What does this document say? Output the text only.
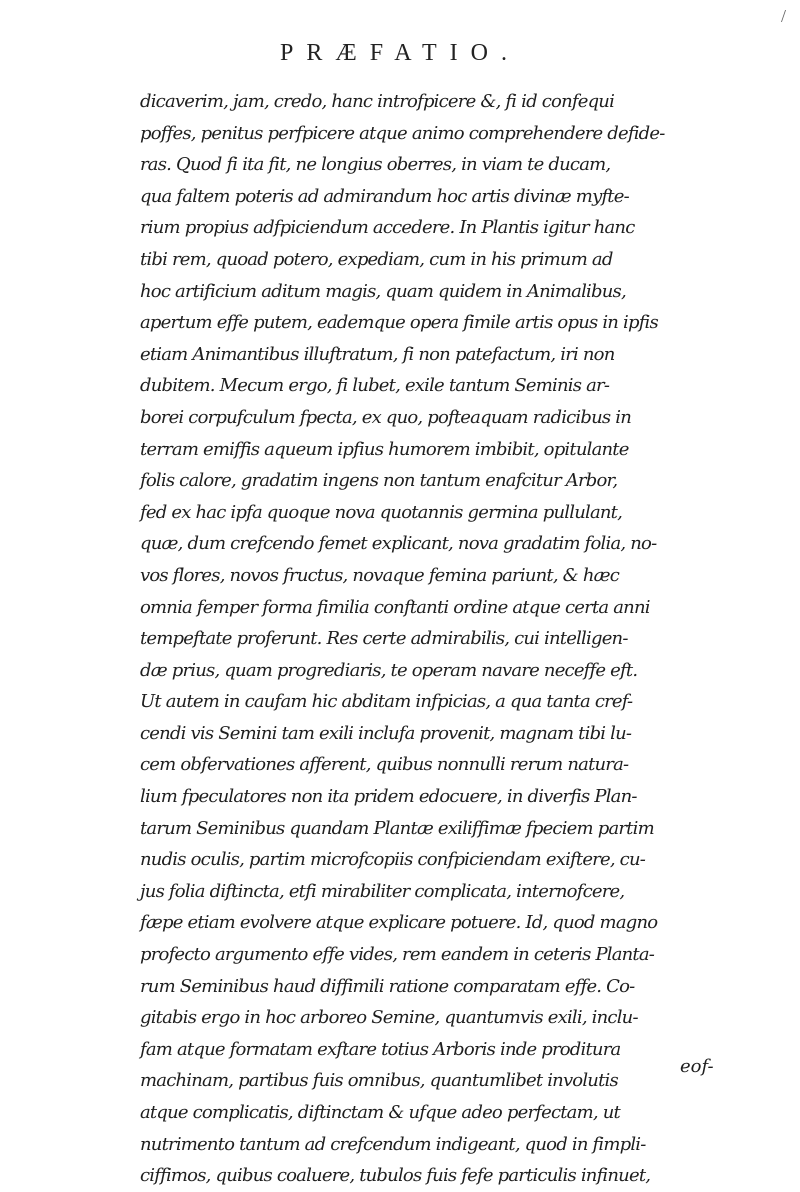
/
PRÆFATIO.
dicaverim, jam, credo, hanc introfpicere &, fi id confequi
poffes, penitus perfpicere atque animo comprehendere defide-
ras. Quod fi ita fit, ne longius oberres, in viam te ducam,
qua faltem poteris ad admirandum hoc artis divinæ myfte-
rium propius adfpiciendum accedere. In Plantis igitur hanc
tibi rem, quoad potero, expediam, cum in his primum ad
hoc artificium aditum magis, quam quidem in Animalibus,
apertum effe putem, eademque opera fimile artis opus in ipfis
etiam Animantibus illuftratum, fi non patefactum, iri non
dubitem. Mecum ergo, fi lubet, exile tantum Seminis ar-
borei corpufculum fpecta, ex quo, pofteaquam radicibus in
terram emiffis aqueum ipfius humorem imbibit, opitulante
folis calore, gradatim ingens non tantum enafcitur Arbor,
fed ex hac ipfa quoque nova quotannis germina pullulant,
quæ, dum crefcendo femet explicant, nova gradatim folia, no-
vos flores, novos fructus, novaque femina pariunt, & hæc
omnia femper forma fimilia conftanti ordine atque certa anni
tempeftate proferunt. Res certe admirabilis, cui intelligen-
dæ prius, quam progrediaris, te operam navare neceffe eft.
Ut autem in caufam hic abditam infpicias, a qua tanta cref-
cendi vis Semini tam exili inclufa provenit, magnam tibi lu-
cem obfervationes afferent, quibus nonnulli rerum natura-
lium fpeculatores non ita pridem edocuere, in diverfis Plan-
tarum Seminibus quandam Plantæ exiliffimæ fpeciem partim
nudis oculis, partim microfcopiis confpiciendam exiftere, cu-
jus folia diftincta, etfi mirabiliter complicata, internofcere,
fæpe etiam evolvere atque explicare potuere. Id, quod magno
profecto argumento effe vides, rem eandem in ceteris Planta-
rum Seminibus haud diffimili ratione comparatam effe. Co-
gitabis ergo in hoc arboreo Semine, quantumvis exili, inclu-
fam atque formatam exftare totius Arboris inde proditura
machinam, partibus fuis omnibus, quantumlibet involutis
atque complicatis, diftinctam & ufque adeo perfectam, ut
nutrimento tantum ad crefcendum indigeant, quod in fimpli-
ciffimos, quibus coaluere, tubulos fuis fefe particulis infinuet,
eof-
